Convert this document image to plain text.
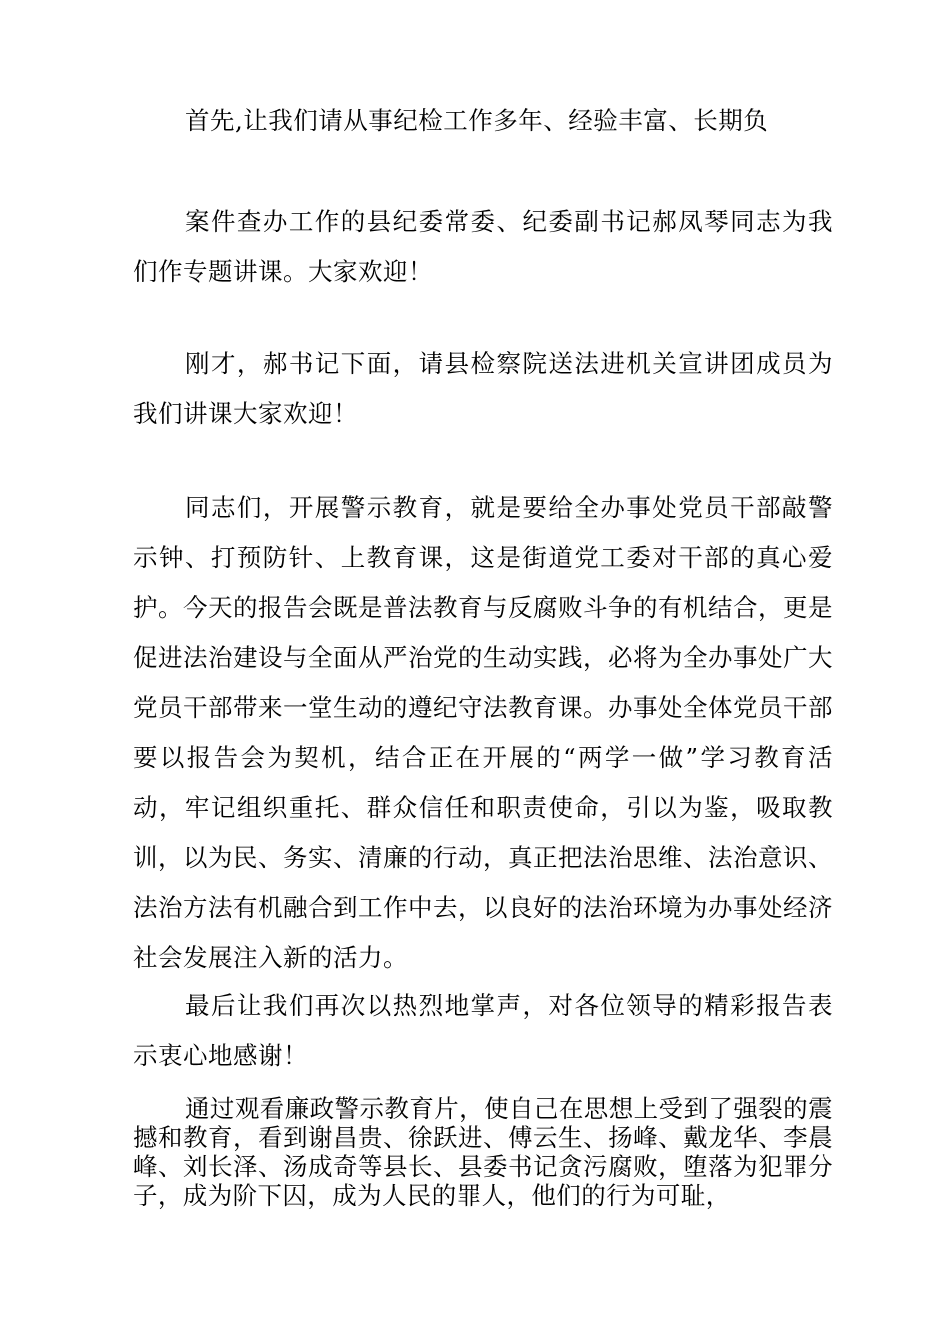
首先,让我们请从事纪检工作多年、经验丰富、长期负

案件查办工作的县纪委常委、纪委副书记郝凤琴同志为我们作专题讲课。大家欢迎！

刚才，郝书记下面，请县检察院送法进机关宣讲团成员为我们讲课大家欢迎！

同志们，开展警示教育，就是要给全办事处党员干部敲警示钟、打预防针、上教育课，这是街道党工委对干部的真心爱护。今天的报告会既是普法教育与反腐败斗争的有机结合，更是促进法治建设与全面从严治党的生动实践，必将为全办事处广大党员干部带来一堂生动的遵纪守法教育课。办事处全体党员干部要以报告会为契机，结合正在开展的“两学一做”学习教育活动，牢记组织重托、群众信任和职责使命，引以为鉴，吸取教训，以为民、务实、清廉的行动，真正把法治思维、法治意识、法治方法有机融合到工作中去，以良好的法治环境为办事处经济社会发展注入新的活力。

最后让我们再次以热烈地掌声，对各位领导的精彩报告表示衷心地感谢！

通过观看廉政警示教育片，使自己在思想上受到了强裂的震撼和教育，看到谢昌贵、徐跃进、傅云生、扬峰、戴龙华、李晨峰、刘长泽、汤成奇等县长、县委书记贪污腐败，堕落为犯罪分子，成为阶下囚，成为人民的罪人，他们的行为可耻，
